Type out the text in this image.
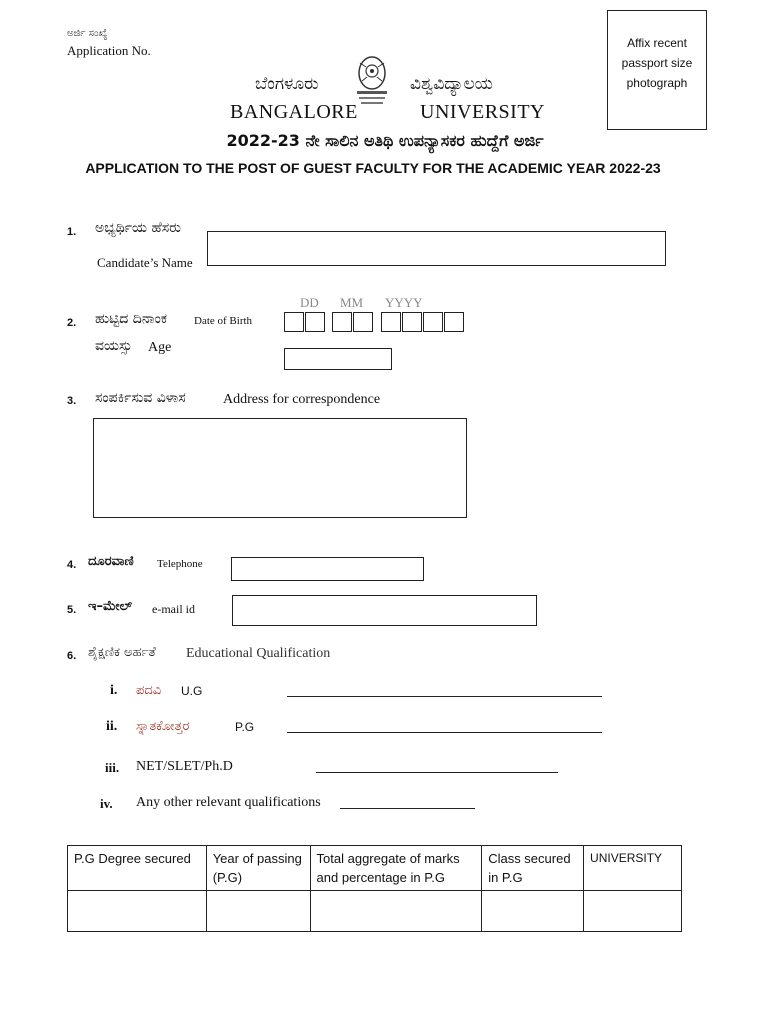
ಅರ್ಜಿ ಸಂಖ್ಯೆ
Application No.
ಬೆಂಗಳೂರು	ವಿಶ್ವವಿದ್ಯಾಲಯ
BANGALORE	UNIVERSITY
2022-23 ನೇ ಸಾಲಿನ ಅತಿಥಿ ಉಪನ್ಯಾಸಕರ ಹುದ್ದೆಗೆ ಅರ್ಜಿ
APPLICATION TO THE POST OF GUEST FACULTY FOR THE ACADEMIC YEAR 2022-23
Affix recent
passport size
photograph
1. ಅಭ್ಯರ್ಥಿಯ ಹೆಸರು
Candidate’s Name
DD MM YYYY
2. ಹುಟ್ಟಿದ ದಿನಾಂಕ Date of Birth
ವಯಸ್ಸು Age
3. ಸಂಪರ್ಕಿಸುವ ವಿಳಾಸ	Address for correspondence
4. ದೂರವಾಣಿ Telephone
5. ಇ–ಮೇಲ್ e-mail id
6. ಶೈಕ್ಷಣಿಕ ಅರ್ಹತೆ Educational Qualification
i. ಪದವಿ U.G
ii. ಸ್ನಾತಕೋತ್ತರ	P.G
iii. NET/SLET/Ph.D
iv. Any other relevant qualifications
P.G Degree secured	Year of passing (P.G)	Total aggregate of marks and percentage in P.G	Class secured in P.G	UNIVERSITY
